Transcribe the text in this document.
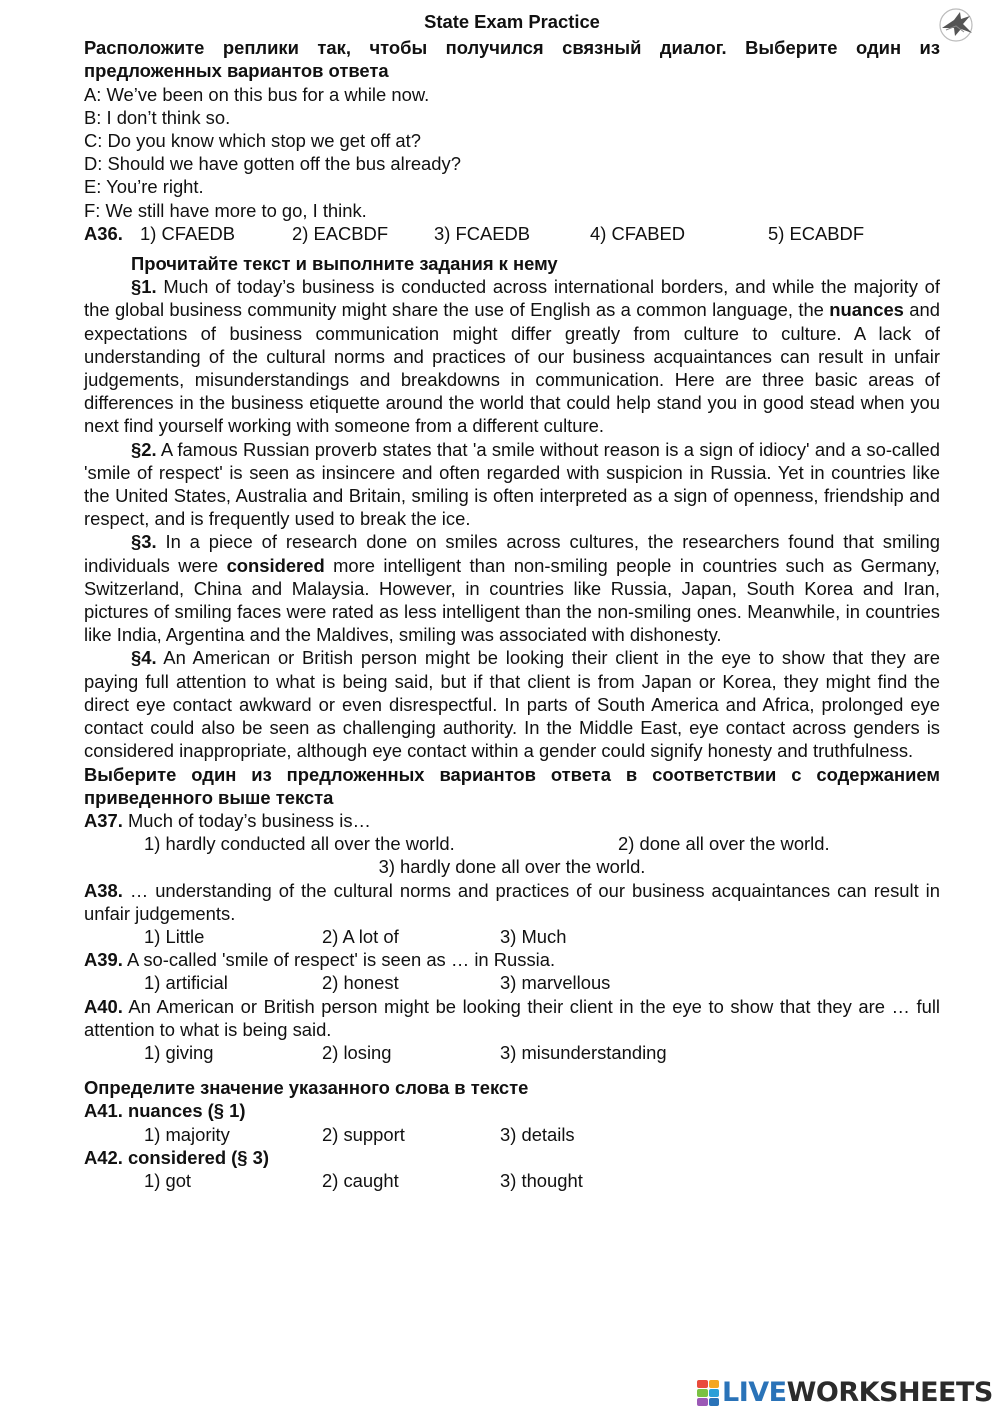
State Exam Practice
Расположите реплики так, чтобы получился связный диалог. Выберите один из предложенных вариантов ответа
A: We’ve been on this bus for a while now.
B: I don’t think so.
C: Do you know which stop we get off at?
D: Should we have gotten off the bus already?
E: You’re right.
F: We still have more to go, I think.
A36. 1) CFAEDB	2) EACBDF	3) FCAEDB	4) CFABED	5) ECABDF
Прочитайте текст и выполните задания к нему
§1. Much of today’s business is conducted across international borders, and while the majority of the global business community might share the use of English as a common language, the nuances and expectations of business communication might differ greatly from culture to culture. A lack of understanding of the cultural norms and practices of our business acquaintances can result in unfair judgements, misunderstandings and breakdowns in communication. Here are three basic areas of differences in the business etiquette around the world that could help stand you in good stead when you next find yourself working with someone from a different culture.
§2. A famous Russian proverb states that 'a smile without reason is a sign of idiocy' and a so-called 'smile of respect' is seen as insincere and often regarded with suspicion in Russia. Yet in countries like the United States, Australia and Britain, smiling is often interpreted as a sign of openness, friendship and respect, and is frequently used to break the ice.
§3. In a piece of research done on smiles across cultures, the researchers found that smiling individuals were considered more intelligent than non-smiling people in countries such as Germany, Switzerland, China and Malaysia. However, in countries like Russia, Japan, South Korea and Iran, pictures of smiling faces were rated as less intelligent than the non-smiling ones. Meanwhile, in countries like India, Argentina and the Maldives, smiling was associated with dishonesty.
§4. An American or British person might be looking their client in the eye to show that they are paying full attention to what is being said, but if that client is from Japan or Korea, they might find the direct eye contact awkward or even disrespectful. In parts of South America and Africa, prolonged eye contact could also be seen as challenging authority. In the Middle East, eye contact across genders is considered inappropriate, although eye contact within a gender could signify honesty and truthfulness.
Выберите один из предложенных вариантов ответа в соответствии с содержанием приведенного выше текста
A37. Much of today’s business is…
1) hardly conducted all over the world.	2) done all over the world.
3) hardly done all over the world.
A38. … understanding of the cultural norms and practices of our business acquaintances can result in unfair judgements.
1) Little	2) A lot of	3) Much
A39. A so-called 'smile of respect' is seen as … in Russia.
1) artificial	2) honest	3) marvellous
A40. An American or British person might be looking their client in the eye to show that they are … full attention to what is being said.
1) giving	2) losing	3) misunderstanding
Определите значение указанного слова в тексте
A41. nuances (§ 1)
1) majority	2) support	3) details
A42. considered (§ 3)
1) got	2) caught	3) thought
LIVEWORKSHEETS
